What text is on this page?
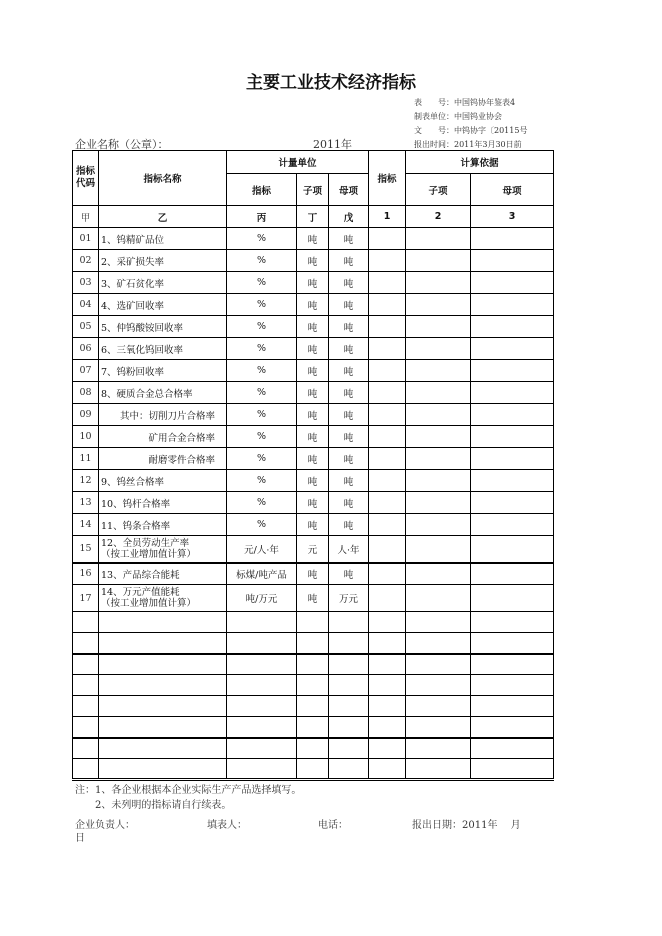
主要工业技术经济指标
表　　号：中国钨协年鉴表4
制表单位：中国钨业协会
文　　号：中钨协字〔20115号
报出时间：2011年3月30日前
企业名称（公章）：	2011年
指标代码	指标名称	计量单位			指标	计算依据	
		指标	子项	母项		子项	母项
甲	乙	丙	丁	戊	1	2	3
01	1、钨精矿品位	%	吨	吨			
02	2、采矿损失率	%	吨	吨			
03	3、矿石贫化率	%	吨	吨			
04	4、选矿回收率	%	吨	吨			
05	5、仲钨酸铵回收率	%	吨	吨			
06	6、三氧化钨回收率	%	吨	吨			
07	7、钨粉回收率	%	吨	吨			
08	8、硬质合金总合格率	%	吨	吨			
09	　　其中：切削刀片合格率	%	吨	吨			
10	　　　　　矿用合金合格率	%	吨	吨			
11	　　　　　耐磨零件合格率	%	吨	吨			
12	9、钨丝合格率	%	吨	吨			
13	10、钨杆合格率	%	吨	吨			
14	11、钨条合格率	%	吨	吨			
15	12、全员劳动生产率
（按工业增加值计算）	元/人·年	元	人·年			
16	13、产品综合能耗	标煤/吨产品	吨	吨			
17	14、万元产值能耗
（按工业增加值计算）	吨/万元	吨	万元			

注：1、各企业根据本企业实际生产产品选择填写。
　　2、未列明的指标请自行续表。
企业负责人：	填表人：	电话：	报出日期：2011年　 月
日
